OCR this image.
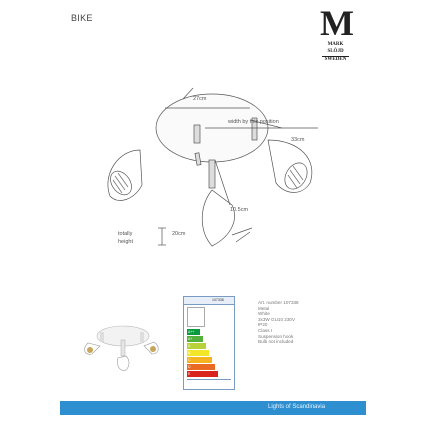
BIKE	M
MARK
SLÖJD
SWEDEN
27cm
width by this position
33cm
10.5cm
totally
height
20cm
107338
A++
A+
A
B
C
D
E
Art. number 107338
Metal
White
3x3W GU10 230V
IP20
Class I
Suspension hook
Bulb not included
Lights of Scandinavia
